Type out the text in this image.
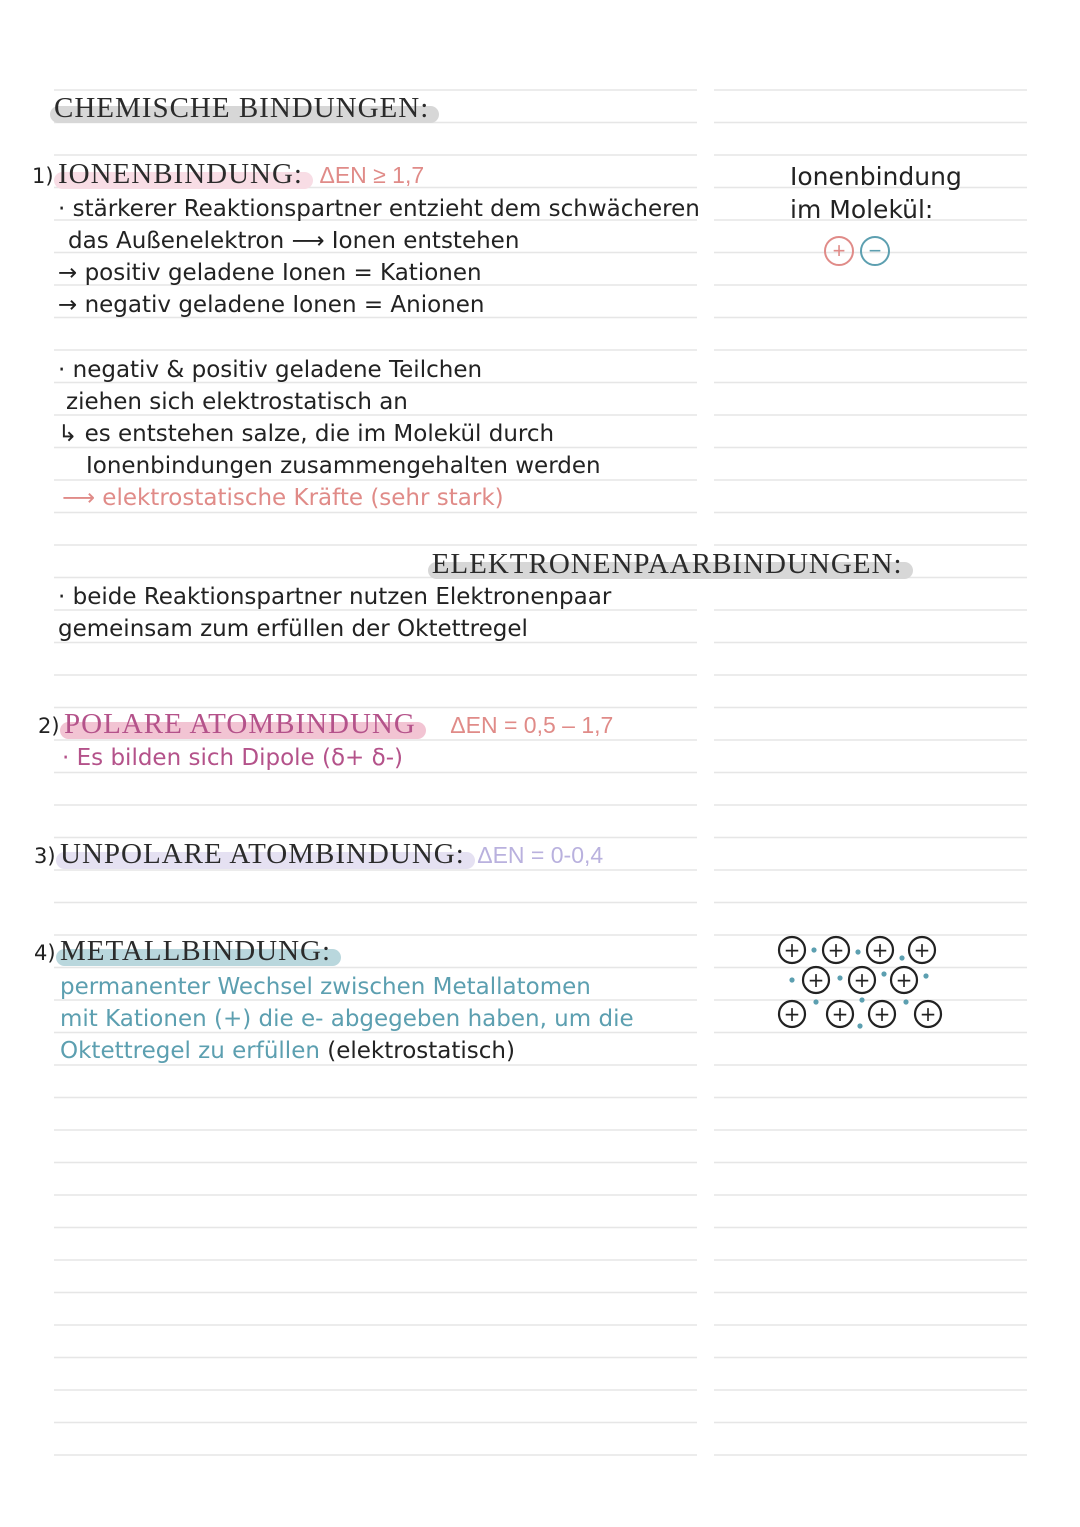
CHEMISCHE BINDUNGEN:
1) IONENBINDUNG: ΔEN ≥ 1,7
· stärkerer Reaktionspartner entzieht dem schwächeren
das Außenelektron ⟶ Ionen entstehen
→ positiv geladene Ionen = Kationen
→ negativ geladene Ionen = Anionen
· negativ & positiv geladene Teilchen
ziehen sich elektrostatisch an
↳ es entstehen salze, die im Molekül durch
Ionenbindungen zusammengehalten werden
⟶ elektrostatische Kräfte (sehr stark)
Ionenbindung
im Molekül:
+	−
ELEKTRONENPAARBINDUNGEN:
· beide Reaktionspartner nutzen Elektronenpaar
gemeinsam zum erfüllen der Oktettregel
2) POLARE ATOMBINDUNG ΔEN = 0,5 – 1,7
· Es bilden sich Dipole (δ+ δ-)
3) UNPOLARE ATOMBINDUNG: ΔEN = 0-0,4
4) METALLBINDUNG:
permanenter Wechsel zwischen Metallatomen
mit Kationen (+) die e- abgegeben haben, um die
Oktettregel zu erfüllen (elektrostatisch)
+ + + +
+ + +
+ + + +
